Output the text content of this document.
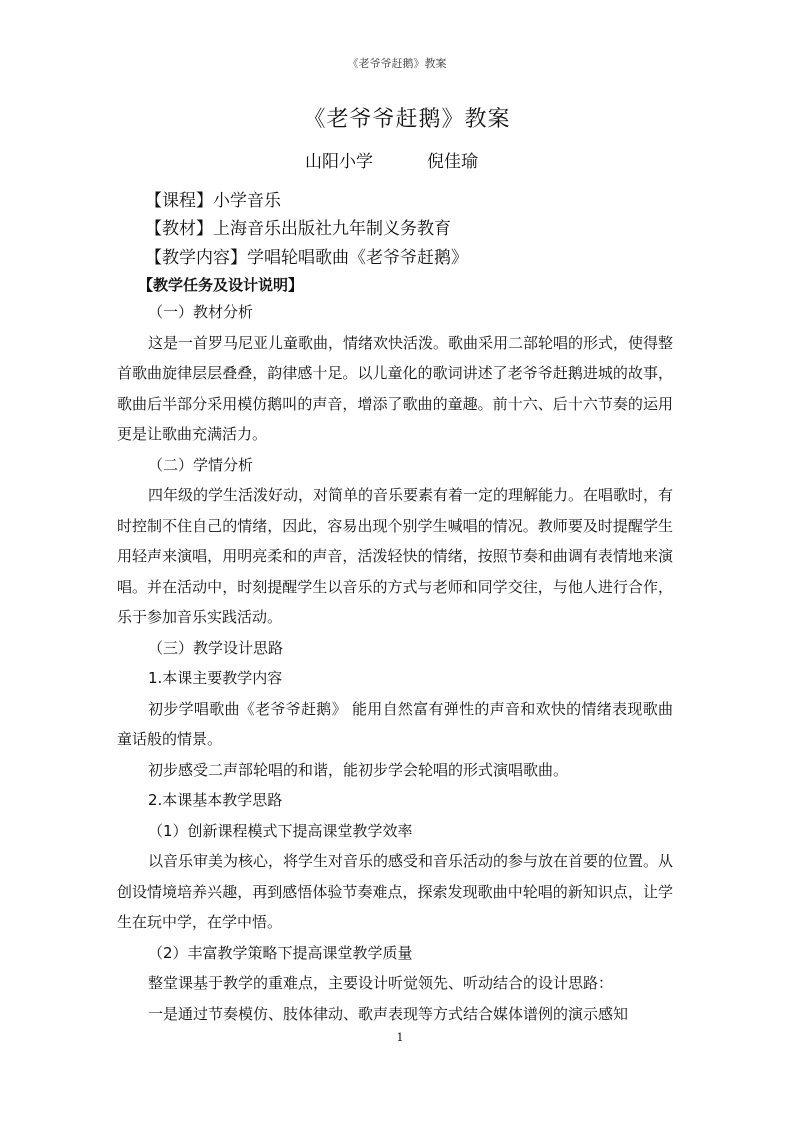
《老爷爷赶鹅》教案
《老爷爷赶鹅》教案
山阳小学          倪佳瑜
【课程】小学音乐
【教材】上海音乐出版社九年制义务教育
【教学内容】学唱轮唱歌曲《老爷爷赶鹅》
【教学任务及设计说明】

（一）教材分析

这是一首罗马尼亚儿童歌曲，情绪欢快活泼。歌曲采用二部轮唱的形式，使得整首歌曲旋律层层叠叠，韵律感十足。以儿童化的歌词讲述了老爷爷赶鹅进城的故事，歌曲后半部分采用模仿鹅叫的声音，增添了歌曲的童趣。前十六、后十六节奏的运用更是让歌曲充满活力。

（二）学情分析

四年级的学生活泼好动，对简单的音乐要素有着一定的理解能力。在唱歌时，有时控制不住自己的情绪，因此，容易出现个别学生喊唱的情况。教师要及时提醒学生用轻声来演唱，用明亮柔和的声音，活泼轻快的情绪，按照节奏和曲调有表情地来演唱。并在活动中，时刻提醒学生以音乐的方式与老师和同学交往，与他人进行合作，乐于参加音乐实践活动。

（三）教学设计思路

1.本课主要教学内容

初步学唱歌曲《老爷爷赶鹅》 能用自然富有弹性的声音和欢快的情绪表现歌曲童话般的情景。

初步感受二声部轮唱的和谐，能初步学会轮唱的形式演唱歌曲。

2.本课基本教学思路

（1）创新课程模式下提高课堂教学效率

以音乐审美为核心，将学生对音乐的感受和音乐活动的参与放在首要的位置。从创设情境培养兴趣，再到感悟体验节奏难点，探索发现歌曲中轮唱的新知识点，让学生在玩中学，在学中悟。

（2）丰富教学策略下提高课堂教学质量

整堂课基于教学的重难点，主要设计听觉领先、听动结合的设计思路：

一是通过节奏模仿、肢体律动、歌声表现等方式结合媒体谱例的演示感知

1
